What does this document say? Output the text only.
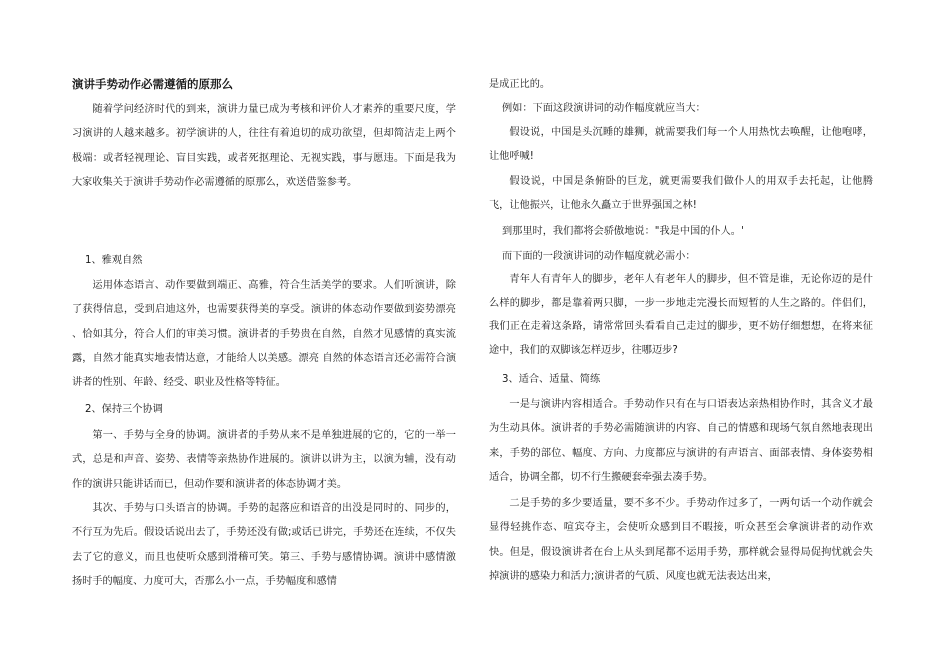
演讲手势动作必需遵循的原那么

随着学问经济时代的到来，演讲力量已成为考核和评价人才素养的重要尺度，学习演讲的人越来越多。初学演讲的人，往往有着迫切的成功欲望，但却简洁走上两个极端：或者轻视理论、盲目实践，或者死抠理论、无视实践，事与愿违。下面是我为大家收集关于演讲手势动作必需遵循的原那么，欢送借鉴参考。

1、雅观自然

运用体态语言、动作要做到端正、高雅，符合生活美学的要求。人们听演讲，除了获得信息，受到启迪这外，也需要获得美的享受。演讲的体态动作要做到姿势漂亮 、恰如其分，符合人们的审美习惯。演讲者的手势贵在自然，自然才见感情的真实流露，自然才能真实地表情达意，才能给人以美感。漂亮 自然的体态语言还必需符合演讲者的性别、年龄、经受、职业及性格等特征。

2、保持三个协调

第一、手势与全身的协调。演讲者的手势从来不是单独进展的它的，它的一举一式，总是和声音、姿势、表情等亲热协作进展的。演讲以讲为主，以演为辅，没有动作的演讲只能讲话而已，但动作要和演讲者的体态协调才美。

其次、手势与口头语言的协调。手势的起落应和语音的出没是同时的、同步的，不行互为先后。假设话说出去了，手势还没有做;或话已讲完，手势还在连续，不仅失去了它的意义，而且也使听众感到滑稽可笑。第三、手势与感情协调。演讲中感情激扬时手的幅度、力度可大，否那么小一点，手势幅度和感情

是成正比的。

例如：下面这段演讲词的动作幅度就应当大：

假设说，中国是头沉睡的雄狮，就需要我们每一个人用热忱去唤醒，让他咆哮，让他呼喊!

假设说，中国是条俯卧的巨龙，就更需要我们做仆人的用双手去托起，让他腾飞，让他振兴，让他永久矗立于世界强国之林!

到那里时，我们都将会骄傲地说："我是中国的仆人。'

而下面的一段演讲词的动作幅度就必需小：

青年人有青年人的脚步，老年人有老年人的脚步，但不管是谁，无论你迈的是什么样的脚步，都是靠着两只脚，一步一步地走完漫长而短暂的人生之路的。伴侣们，我们正在走着这条路，请常常回头看看自己走过的脚步，更不妨仔细想想，在将来征途中，我们的双脚该怎样迈步，往哪迈步?

3、适合、适量、简练

一是与演讲内容相适合。手势动作只有在与口语表达亲热相协作时，其含义才最为生动具体。演讲者的手势必需随演讲的内容、自己的情感和现场气氛自然地表现出来，手势的部位、幅度、方向、力度都应与演讲的有声语言、面部表情、身体姿势相适合，协调全都，切不行生搬硬套牵强去凑手势。

二是手势的多少要适量，要不多不少。手势动作过多了，一两句话一个动作就会显得轻挑作态、喧宾夺主，会使听众感到目不暇接，听众甚至会拿演讲者的动作欢快。但是，假设演讲者在台上从头到尾都不运用手势，那样就会显得局促拘忧就会失掉演讲的感染力和活力;演讲者的气质、风度也就无法表达出来，
